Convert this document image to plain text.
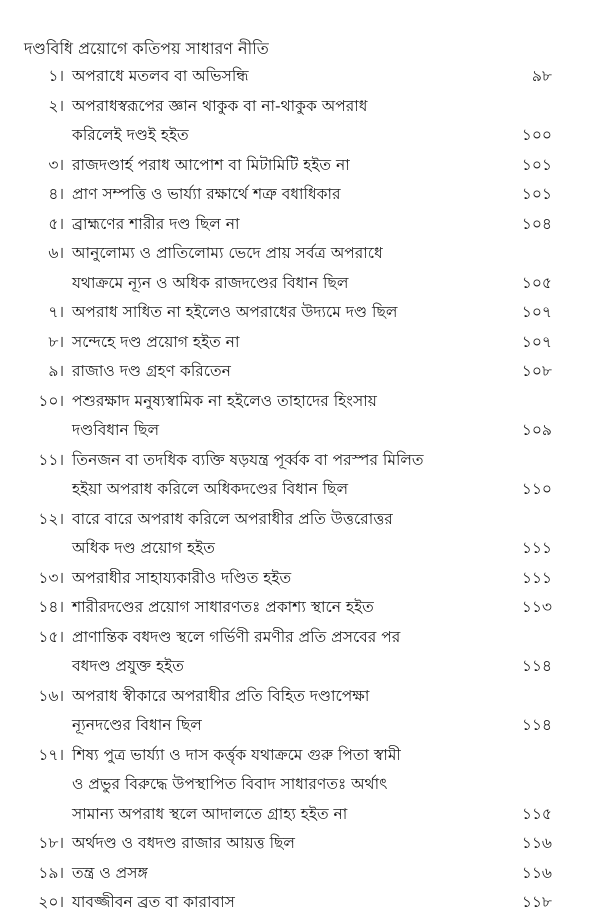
দণ্ডবিধি প্রয়োগে কতিপয় সাধারণ নীতি
১। অপরাধে মতলব বা অভিসন্ধি	৯৮
২। অপরাধস্বরূপের জ্ঞান থাকুক বা না-থাকুক অপরাধ
করিলেই দণ্ডই হইত	১০০
৩। রাজদণ্ডার্হ পরাধ আপোশ বা মিটামিটি হইত না	১০১
৪। প্রাণ সম্পত্তি ও ভার্য্যা রক্ষার্থে শত্রু বধাধিকার	১০১
৫। ব্রাহ্মণের শারীর দণ্ড ছিল না	১০৪
৬। আনুলোম্য ও প্রাতিলোম্য ভেদে প্রায় সর্বত্র অপরাধে
যথাক্রমে ন্যূন ও অধিক রাজদণ্ডের বিধান ছিল	১০৫
৭। অপরাধ সাধিত না হইলেও অপরাধের উদ্যমে দণ্ড ছিল	১০৭
৮। সন্দেহে দণ্ড প্রয়োগ হইত না	১০৭
৯। রাজাও দণ্ড গ্রহণ করিতেন	১০৮
১০। পশুরক্ষাদ মনুষ্যস্বামিক না হইলেও তাহাদের হিংসায়
দণ্ডবিধান ছিল	১০৯
১১। তিনজন বা তদধিক ব্যক্তি ষড়যন্ত্র পূর্ব্বক বা পরস্পর মিলিত
হইয়া অপরাধ করিলে অধিকদণ্ডের বিধান ছিল	১১০
১২। বারে বারে অপরাধ করিলে অপরাধীর প্রতি উত্তরোত্তর
অধিক দণ্ড প্রয়োগ হইত	১১১
১৩। অপরাধীর সাহায্যকারীও দণ্ডিত হইত	১১১
১৪। শারীরদণ্ডের প্রয়োগ সাধারণতঃ প্রকাশ্য স্থানে হইত	১১৩
১৫। প্রাণান্তিক বধদণ্ড স্থলে গর্ভিণী রমণীর প্রতি প্রসবের পর
বধদণ্ড প্রযুক্ত হইত	১১৪
১৬। অপরাধ স্বীকারে অপরাধীর প্রতি বিহিত দণ্ডাপেক্ষা
ন্যূনদণ্ডের বিধান ছিল	১১৪
১৭। শিষ্য পুত্র ভার্য্যা ও দাস কর্ত্তৃক যথাক্রমে গুরু পিতা স্বামী
ও প্রভুর বিরুদ্ধে উপস্থাপিত বিবাদ সাধারণতঃ অর্থাৎ
সামান্য অপরাধ স্থলে আদালতে গ্রাহ্য হইত না	১১৫
১৮। অর্থদণ্ড ও বধদণ্ড রাজার আয়ত্ত ছিল	১১৬
১৯। তন্ত্র ও প্রসঙ্গ	১১৬
২০। যাবজ্জীবন ব্রত বা কারাবাস	১১৮
